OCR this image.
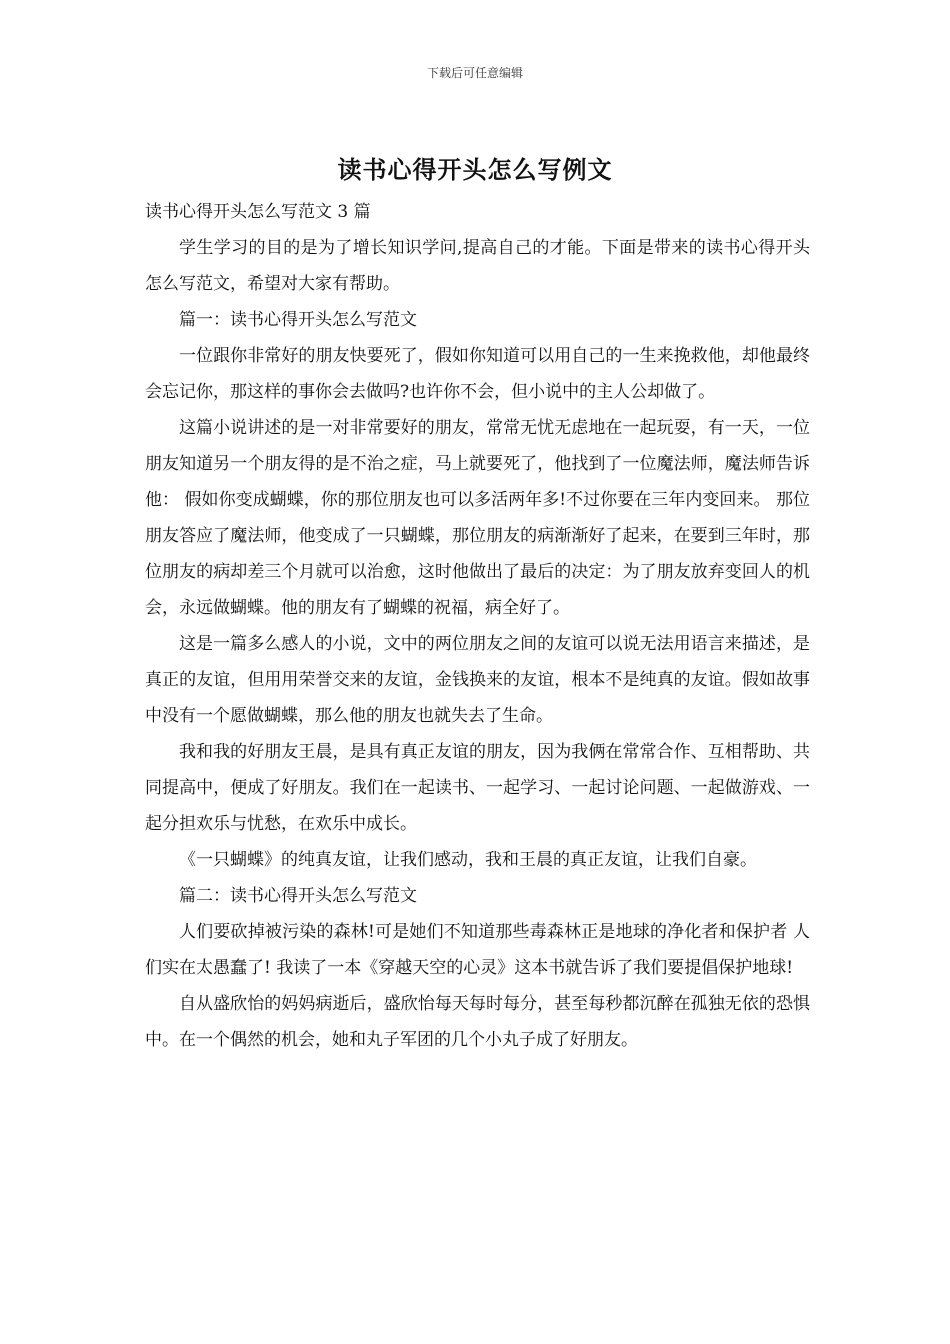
下载后可任意编辑
读书心得开头怎么写例文

读书心得开头怎么写范文 3 篇

学生学习的目的是为了增长知识学问,提高自己的才能。下面是带来的读书心得开头怎么写范文，希望对大家有帮助。

篇一：读书心得开头怎么写范文

一位跟你非常好的朋友快要死了，假如你知道可以用自己的一生来挽救他，却他最终会忘记你，那这样的事你会去做吗?也许你不会，但小说中的主人公却做了。

这篇小说讲述的是一对非常要好的朋友，常常无忧无虑地在一起玩耍，有一天，一位朋友知道另一个朋友得的是不治之症，马上就要死了，他找到了一位魔法师，魔法师告诉他： 假如你变成蝴蝶，你的那位朋友也可以多活两年多!不过你要在三年内变回来。 那位朋友答应了魔法师，他变成了一只蝴蝶，那位朋友的病渐渐好了起来，在要到三年时，那位朋友的病却差三个月就可以治愈，这时他做出了最后的决定：为了朋友放弃变回人的机会，永远做蝴蝶。他的朋友有了蝴蝶的祝福，病全好了。

这是一篇多么感人的小说，文中的两位朋友之间的友谊可以说无法用语言来描述，是真正的友谊，但用用荣誉交来的友谊，金钱换来的友谊，根本不是纯真的友谊。假如故事中没有一个愿做蝴蝶，那么他的朋友也就失去了生命。

我和我的好朋友王晨，是具有真正友谊的朋友，因为我俩在常常合作、互相帮助、共同提高中，便成了好朋友。我们在一起读书、一起学习、一起讨论问题、一起做游戏、一起分担欢乐与忧愁，在欢乐中成长。

《一只蝴蝶》的纯真友谊，让我们感动，我和王晨的真正友谊，让我们自豪。

篇二：读书心得开头怎么写范文

人们要砍掉被污染的森林!可是她们不知道那些毒森林正是地球的净化者和保护者 人们实在太愚蠢了! 我读了一本《穿越天空的心灵》这本书就告诉了我们要提倡保护地球!

自从盛欣怡的妈妈病逝后，盛欣怡每天每时每分，甚至每秒都沉醉在孤独无依的恐惧中。在一个偶然的机会，她和丸子军团的几个小丸子成了好朋友。
